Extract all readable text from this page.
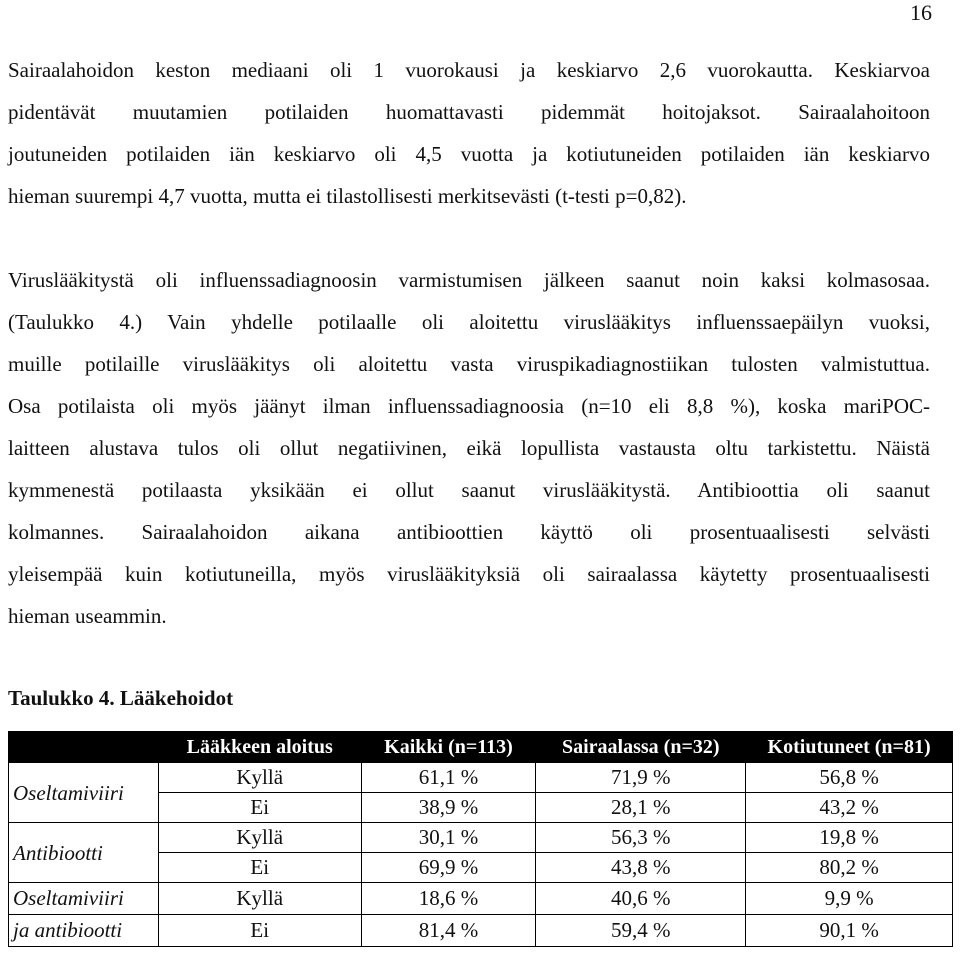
16
Sairaalahoidon keston mediaani oli 1 vuorokausi ja keskiarvo 2,6 vuorokautta. Keskiarvoa
pidentävät muutamien potilaiden huomattavasti pidemmät hoitojaksot. Sairaalahoitoon
joutuneiden potilaiden iän keskiarvo oli 4,5 vuotta ja kotiutuneiden potilaiden iän keskiarvo
hieman suurempi 4,7 vuotta, mutta ei tilastollisesti merkitsevästi (t-testi p=0,82).
Viruslääkitystä oli influenssadiagnoosin varmistumisen jälkeen saanut noin kaksi kolmasosaa.
(Taulukko 4.) Vain yhdelle potilaalle oli aloitettu viruslääkitys influenssaepäilyn vuoksi,
muille potilaille viruslääkitys oli aloitettu vasta viruspikadiagnostiikan tulosten valmistuttua.
Osa potilaista oli myös jäänyt ilman influenssadiagnoosia (n=10 eli 8,8 %), koska mariPOC-
laitteen alustava tulos oli ollut negatiivinen, eikä lopullista vastausta oltu tarkistettu. Näistä
kymmenestä potilaasta yksikään ei ollut saanut viruslääkitystä. Antibioottia oli saanut
kolmannes. Sairaalahoidon aikana antibioottien käyttö oli prosentuaalisesti selvästi
yleisempää kuin kotiutuneilla, myös viruslääkityksiä oli sairaalassa käytetty prosentuaalisesti
hieman useammin.
Taulukko 4. Lääkehoidot
	Lääkkeen aloitus	Kaikki (n=113)	Sairaalassa (n=32)	Kotiutuneet (n=81)
Oseltamiviiri	Kyllä	61,1 %	71,9 %	56,8 %
	Ei	38,9 %	28,1 %	43,2 %
Antibiootti	Kyllä	30,1 %	56,3 %	19,8 %
	Ei	69,9 %	43,8 %	80,2 %
Oseltamiviiri	Kyllä	18,6 %	40,6 %	9,9 %
ja antibiootti	Ei	81,4 %	59,4 %	90,1 %
